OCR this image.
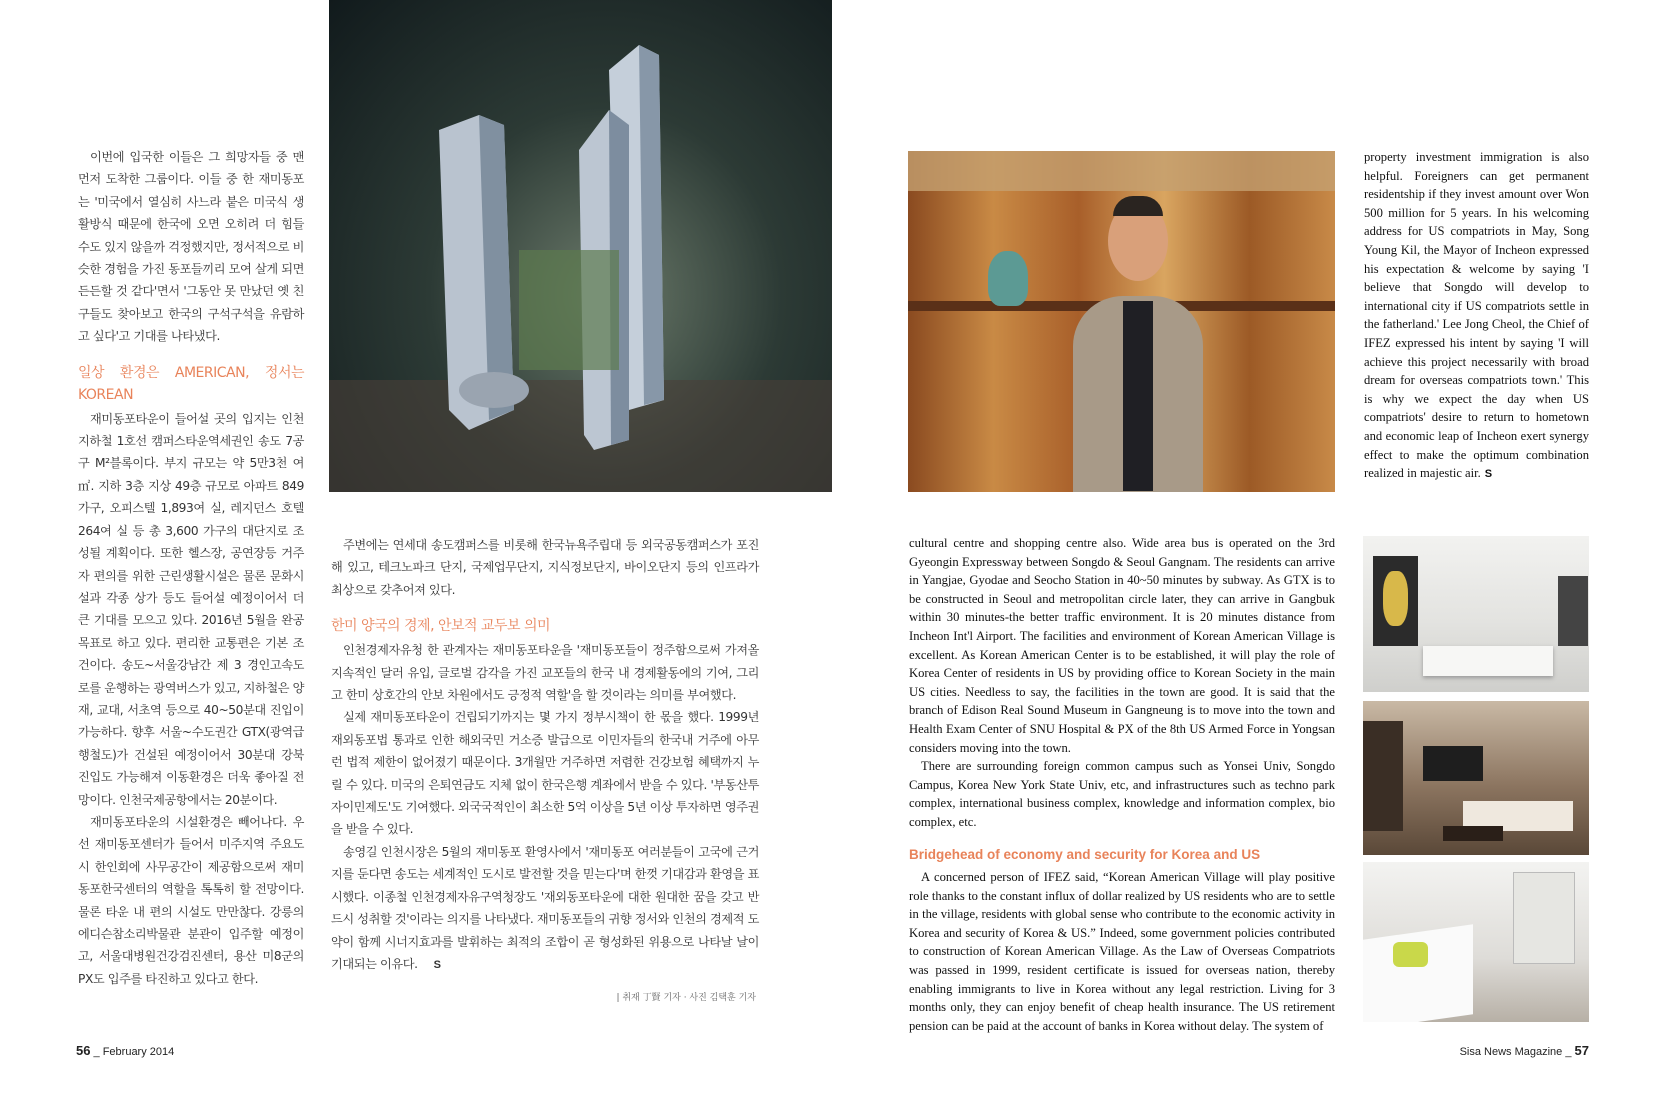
이번에 입국한 이들은 그 희망자들 중 맨 먼저 도착한 그룹이다. 이들 중 한 재미동포는 '미국에서 열심히 사느라 붙은 미국식 생활방식 때문에 한국에 오면 오히려 더 힘들 수도 있지 않을까 걱정했지만, 정서적으로 비슷한 경험을 가진 동포들끼리 모여 살게 되면 든든할 것 같다'면서 '그동안 못 만났던 옛 친구들도 찾아보고 한국의 구석구석을 유람하고 싶다'고 기대를 나타냈다.

일상 환경은 AMERICAN, 정서는 KOREAN

재미동포타운이 들어설 곳의 입지는 인천지하철 1호선 캠퍼스타운역세권인 송도 7공구 M²블록이다. 부지 규모는 약 5만3천 여㎡. 지하 3층 지상 49층 규모로 아파트 849가구, 오피스텔 1,893여 실, 레지던스 호텔 264여 실 등 총 3,600 가구의 대단지로 조성될 계획이다. 또한 헬스장, 공연장등 거주자 편의를 위한 근린생활시설은 물론 문화시설과 각종 상가 등도 들어설 예정이어서 더 큰 기대를 모으고 있다. 2016년 5월을 완공 목표로 하고 있다. 편리한 교통편은 기본 조건이다. 송도~서울강남간 제 3 경인고속도로를 운행하는 광역버스가 있고, 지하철은 양재, 교대, 서초역 등으로 40~50분대 진입이 가능하다. 향후 서울~수도권간 GTX(광역급행철도)가 건설된 예정이어서 30분대 강북 진입도 가능해져 이동환경은 더욱 좋아질 전망이다. 인천국제공항에서는 20분이다.

재미동포타운의 시설환경은 빼어나다. 우선 재미동포센터가 들어서 미주지역 주요도시 한인회에 사무공간이 제공함으로써 재미동포한국센터의 역할을 톡톡히 할 전망이다. 물론 타운 내 편의 시설도 만만찮다. 강릉의 에디슨참소리박물관 분관이 입주할 예정이고, 서울대병원건강검진센터, 용산 미8군의 PX도 입주를 타진하고 있다고 한다.

주변에는 연세대 송도캠퍼스를 비롯해 한국뉴욕주립대 등 외국공동캠퍼스가 포진해 있고, 테크노파크 단지, 국제업무단지, 지식정보단지, 바이오단지 등의 인프라가 최상으로 갖추어져 있다.

한미 양국의 경제, 안보적 교두보 의미

인천경제자유청 한 관계자는 재미동포타운을 '재미동포들이 정주함으로써 가져올 지속적인 달러 유입, 글로벌 감각을 가진 교포들의 한국 내 경제활동에의 기여, 그리고 한미 상호간의 안보 차원에서도 긍정적 역할'을 할 것이라는 의미를 부여했다.

실제 재미동포타운이 건립되기까지는 몇 가지 정부시책이 한 몫을 했다. 1999년 재외동포법 통과로 인한 해외국민 거소증 발급으로 이민자들의 한국내 거주에 아무런 법적 제한이 없어졌기 때문이다. 3개월만 거주하면 저렴한 건강보험 혜택까지 누릴 수 있다. 미국의 은퇴연금도 지체 없이 한국은행 계좌에서 받을 수 있다. '부동산투자이민제도'도 기여했다. 외국국적인이 최소한 5억 이상을 5년 이상 투자하면 영주권을 받을 수 있다.

송영길 인천시장은 5월의 재미동포 환영사에서 '재미동포 여러분들이 고국에 근거지를 둔다면 송도는 세계적인 도시로 발전할 것을 믿는다'며 한껏 기대감과 환영을 표시했다. 이종철 인천경제자유구역청장도 '재외동포타운에 대한 원대한 꿈을 갖고 반드시 성취할 것'이라는 의지를 나타냈다. 재미동포들의 귀향 정서와 인천의 경제적 도약이 함께 시너지효과를 발휘하는 최적의 조합이 곧 형성화된 위용으로 나타날 날이 기대되는 이유다. S

| 취재 丁賢 기자 · 사진 김택훈 기자

property investment immigration is also helpful. Foreigners can get permanent residentship if they invest amount over Won 500 million for 5 years. In his welcoming address for US compatriots in May, Song Young Kil, the Mayor of Incheon expressed his expectation & welcome by saying 'I believe that Songdo will develop to international city if US compatriots settle in the fatherland.' Lee Jong Cheol, the Chief of IFEZ expressed his intent by saying 'I will achieve this project necessarily with broad dream for overseas compatriots town.' This is why we expect the day when US compatriots' desire to return to hometown and economic leap of Incheon exert synergy effect to make the optimum combination realized in majestic air. S

cultural centre and shopping centre also. Wide area bus is operated on the 3rd Gyeongin Expressway between Songdo & Seoul Gangnam. The residents can arrive in Yangjae, Gyodae and Seocho Station in 40~50 minutes by subway. As GTX is to be constructed in Seoul and metropolitan circle later, they can arrive in Gangbuk within 30 minutes-the better traffic environment. It is 20 minutes distance from Incheon Int'l Airport. The facilities and environment of Korean American Village is excellent. As Korean American Center is to be established, it will play the role of Korea Center of residents in US by providing office to Korean Society in the main US cities. Needless to say, the facilities in the town are good. It is said that the branch of Edison Real Sound Museum in Gangneung is to move into the town and Health Exam Center of SNU Hospital & PX of the 8th US Armed Force in Yongsan considers moving into the town.

There are surrounding foreign common campus such as Yonsei Univ, Songdo Campus, Korea New York State Univ, etc, and infrastructures such as techno park complex, international business complex, knowledge and information complex, bio complex, etc.

Bridgehead of economy and security for Korea and US

A concerned person of IFEZ said, “Korean American Village will play positive role thanks to the constant influx of dollar realized by US residents who are to settle in the village, residents with global sense who contribute to the economic activity in Korea and security of Korea & US.” Indeed, some government policies contributed to construction of Korean American Village. As the Law of Overseas Compatriots was passed in 1999, resident certificate is issued for overseas nation, thereby enabling immigrants to live in Korea without any legal restriction. Living for 3 months only, they can enjoy benefit of cheap health insurance. The US retirement pension can be paid at the account of banks in Korea without delay. The system of

56 _ February 2014	Sisa News Magazine _ 57
